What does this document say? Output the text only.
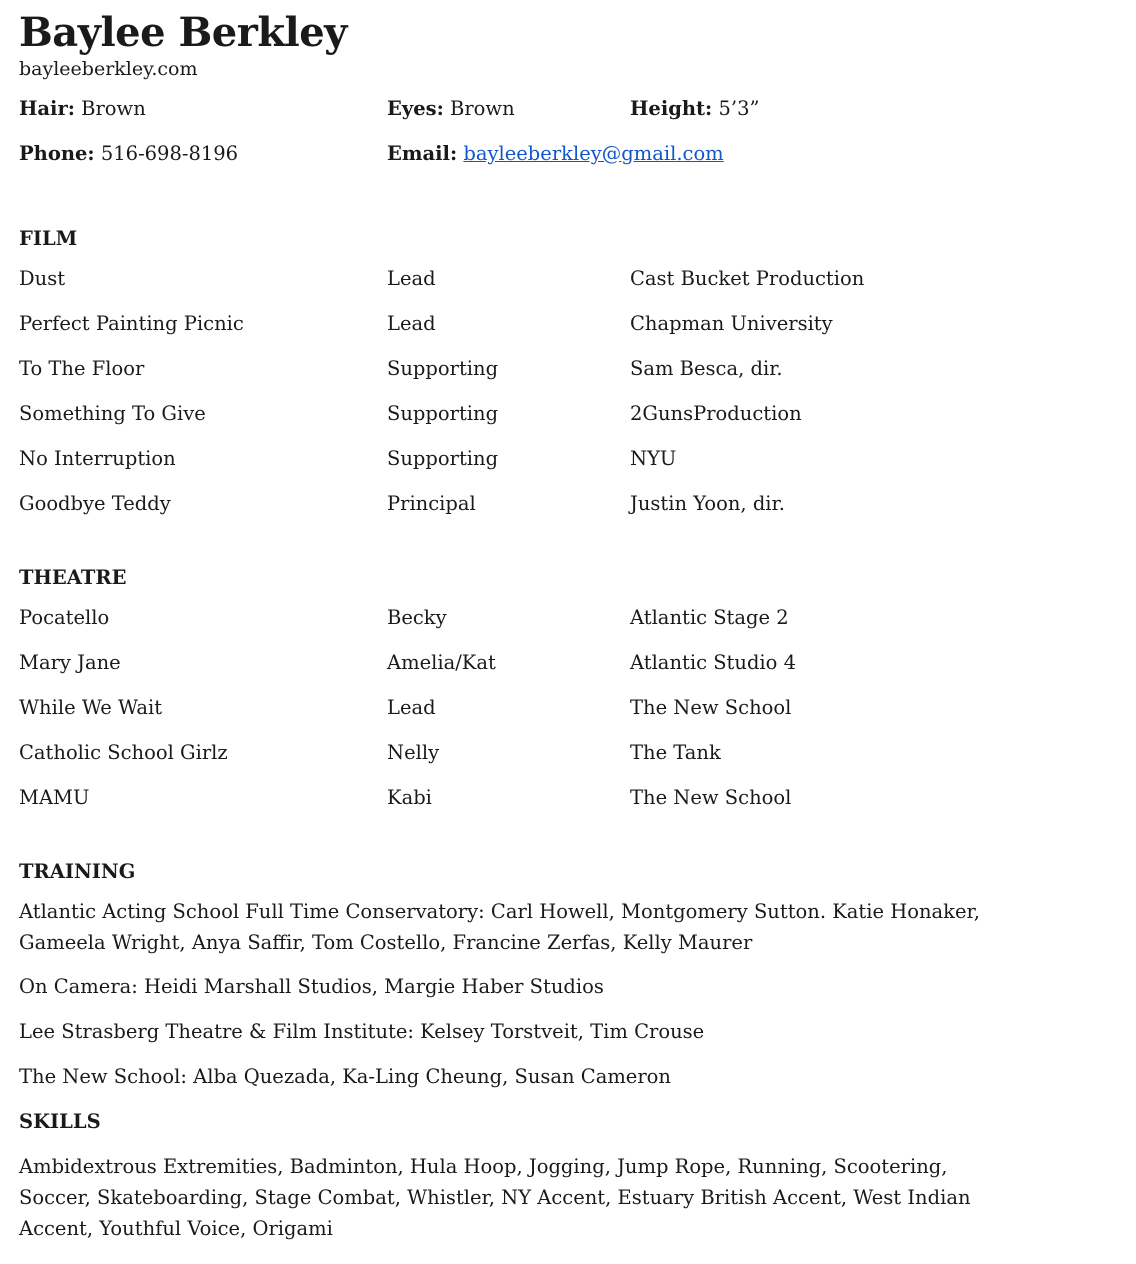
Baylee Berkley
bayleeberkley.com
Hair: Brown	Eyes: Brown	Height: 5’3”
Phone: 516-698-8196	Email: bayleeberkley@gmail.com
FILM
Dust	Lead	Cast Bucket Production
Perfect Painting Picnic	Lead	Chapman University
To The Floor	Supporting	Sam Besca, dir.
Something To Give	Supporting	2GunsProduction
No Interruption	Supporting	NYU
Goodbye Teddy	Principal	Justin Yoon, dir.
THEATRE
Pocatello	Becky	Atlantic Stage 2
Mary Jane	Amelia/Kat	Atlantic Studio 4
While We Wait	Lead	The New School
Catholic School Girlz	Nelly	The Tank
MAMU	Kabi	The New School
TRAINING
Atlantic Acting School Full Time Conservatory: Carl Howell, Montgomery Sutton. Katie Honaker, Gameela Wright, Anya Saffir, Tom Costello, Francine Zerfas, Kelly Maurer
On Camera: Heidi Marshall Studios, Margie Haber Studios
Lee Strasberg Theatre & Film Institute: Kelsey Torstveit, Tim Crouse
The New School: Alba Quezada, Ka-Ling Cheung, Susan Cameron
SKILLS
Ambidextrous Extremities, Badminton, Hula Hoop, Jogging, Jump Rope, Running, Scootering, Soccer, Skateboarding, Stage Combat, Whistler, NY Accent, Estuary British Accent, West Indian Accent, Youthful Voice, Origami
